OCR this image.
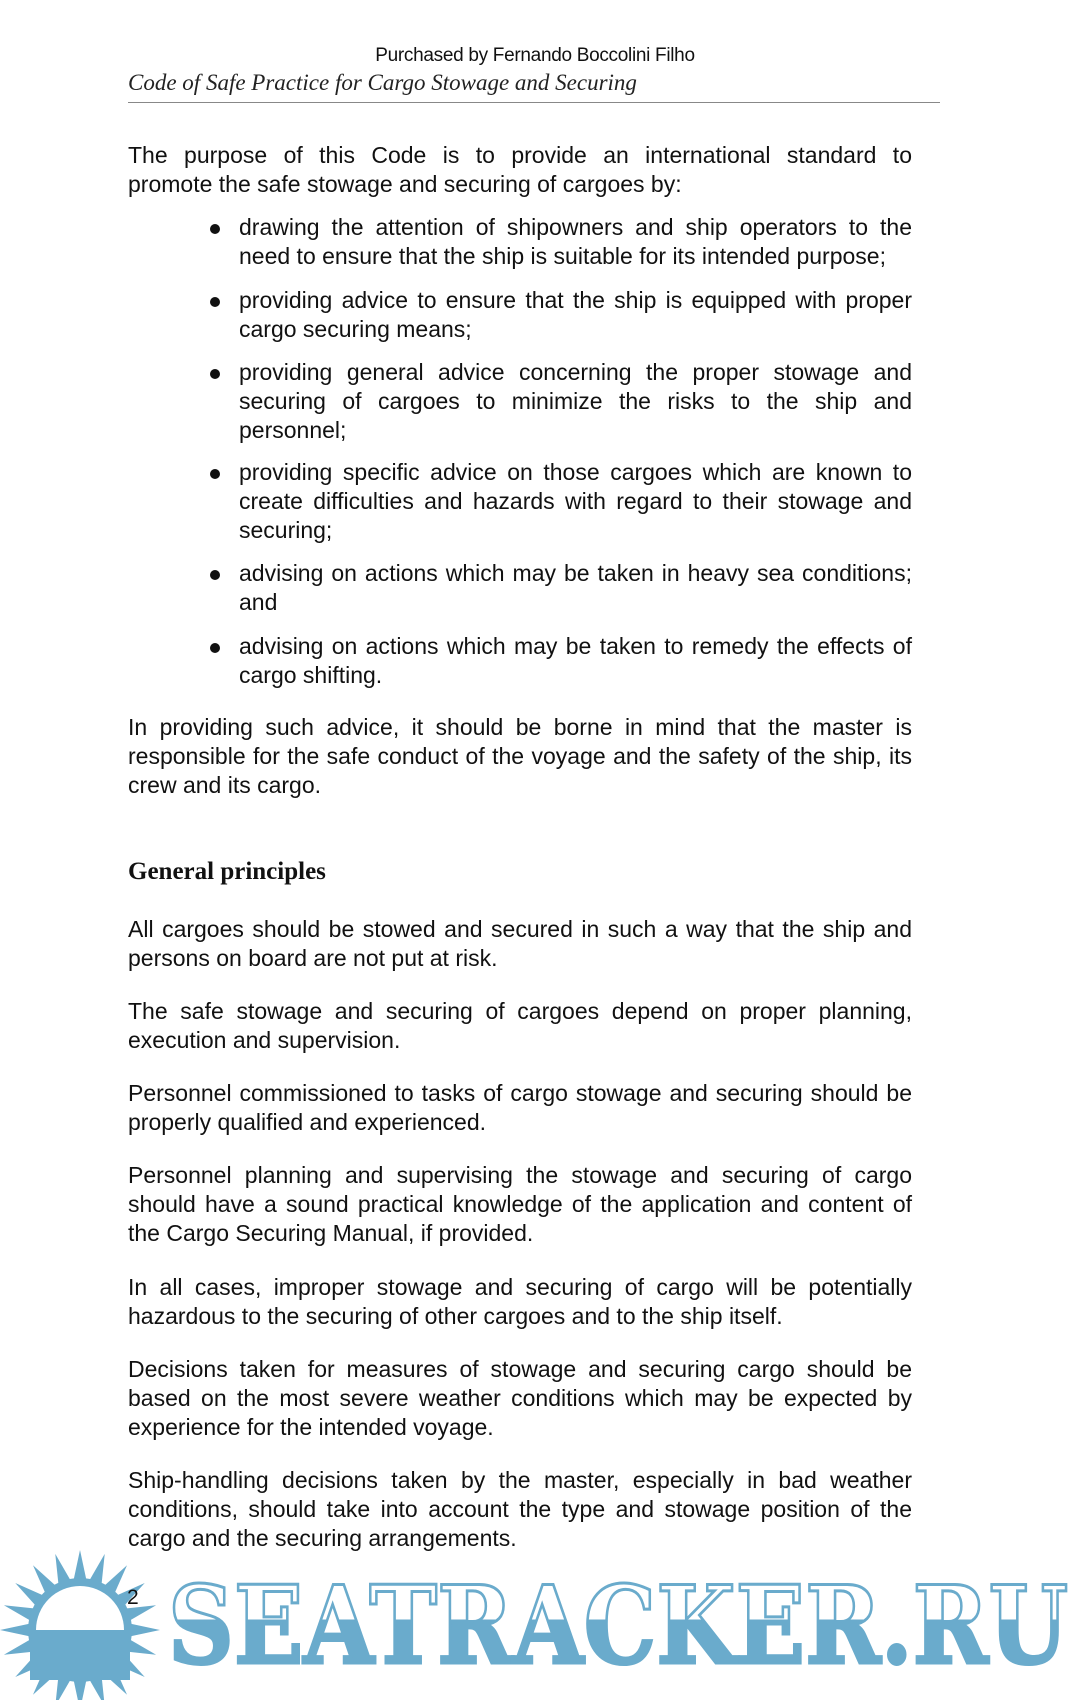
Purchased by Fernando Boccolini Filho
Code of Safe Practice for Cargo Stowage and Securing
The purpose of this Code is to provide an international standard to
promote the safe stowage and securing of cargoes by:
drawing the attention of shipowners and ship operators to the
need to ensure that the ship is suitable for its intended purpose;
providing advice to ensure that the ship is equipped with proper
cargo securing means;
providing general advice concerning the proper stowage and
securing of cargoes to minimize the risks to the ship and
personnel;
providing specific advice on those cargoes which are known to
create difficulties and hazards with regard to their stowage and
securing;
advising on actions which may be taken in heavy sea conditions;
and
advising on actions which may be taken to remedy the effects of
cargo shifting.
In providing such advice, it should be borne in mind that the master is
responsible for the safe conduct of the voyage and the safety of the ship, its
crew and its cargo.
All cargoes should be stowed and secured in such a way that the ship and
persons on board are not put at risk.
The safe stowage and securing of cargoes depend on proper planning,
execution and supervision.
Personnel commissioned to tasks of cargo stowage and securing should be
properly qualified and experienced.
Personnel planning and supervising the stowage and securing of cargo
should have a sound practical knowledge of the application and content of
the Cargo Securing Manual, if provided.
In all cases, improper stowage and securing of cargo will be potentially
hazardous to the securing of other cargoes and to the ship itself.
Decisions taken for measures of stowage and securing cargo should be
based on the most severe weather conditions which may be expected by
experience for the intended voyage.
Ship-handling decisions taken by the master, especially in bad weather
conditions, should take into account the type and stowage position of the
cargo and the securing arrangements.
General principles
SEATRACKER.RU
2
